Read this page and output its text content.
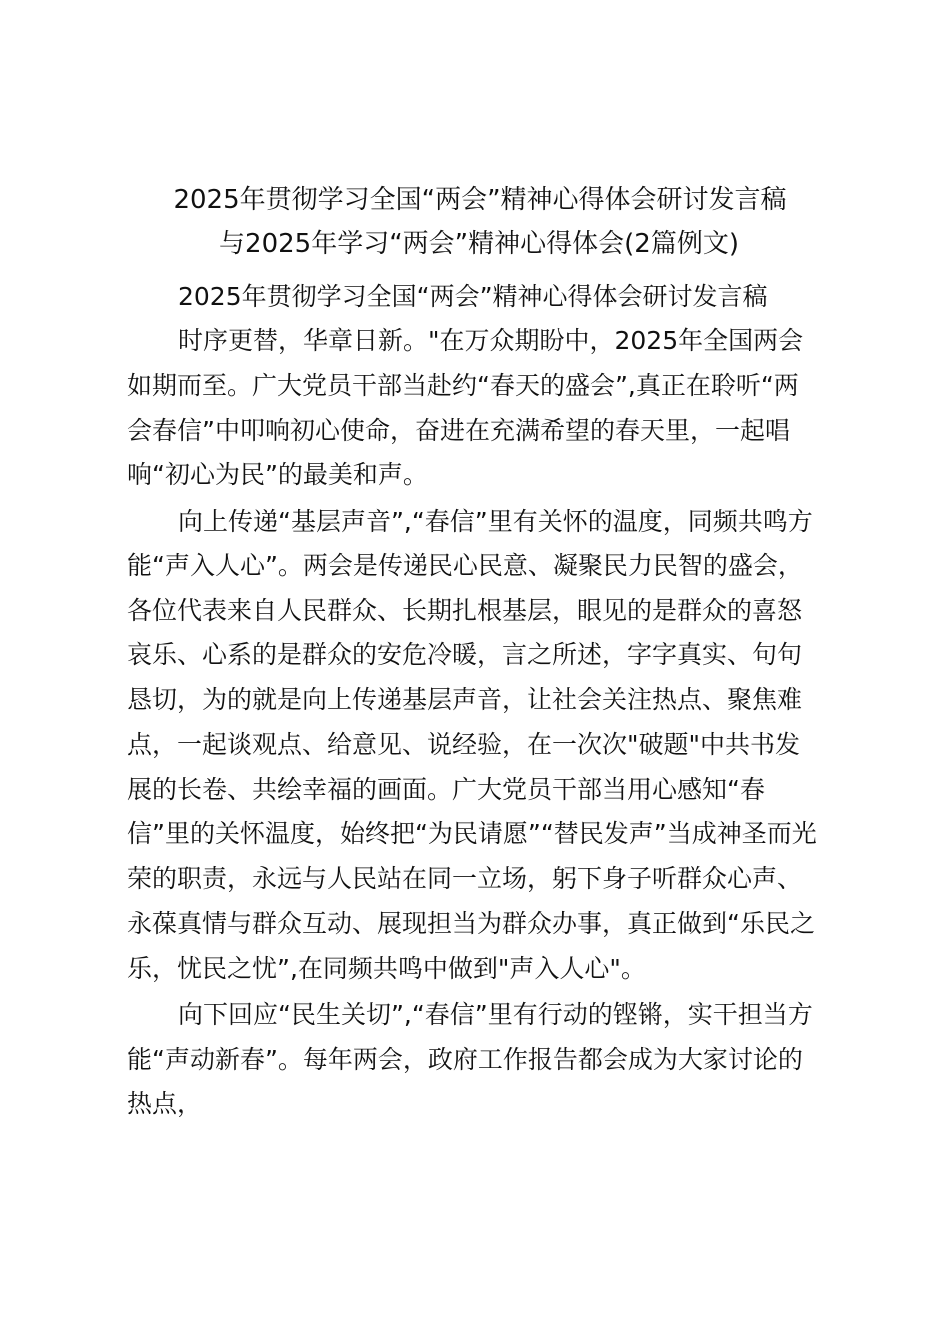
2025年贯彻学习全国“两会”精神心得体会研讨发言稿
与2025年学习“两会”精神心得体会(2篇例文)
2025年贯彻学习全国“两会”精神心得体会研讨发言稿
时序更替，华章日新。"在万众期盼中，2025年全国两会
如期而至。广大党员干部当赴约“春天的盛会”,真正在聆听“两
会春信”中叩响初心使命，奋进在充满希望的春天里，一起唱
响“初心为民”的最美和声。
向上传递“基层声音”,“春信”里有关怀的温度，同频共鸣方
能“声入人心”。两会是传递民心民意、凝聚民力民智的盛会，
各位代表来自人民群众、长期扎根基层，眼见的是群众的喜怒
哀乐、心系的是群众的安危冷暖，言之所述，字字真实、句句
恳切，为的就是向上传递基层声音，让社会关注热点、聚焦难
点，一起谈观点、给意见、说经验，在一次次"破题"中共书发
展的长卷、共绘幸福的画面。广大党员干部当用心感知“春
信”里的关怀温度，始终把“为民请愿”“替民发声”当成神圣而光
荣的职责，永远与人民站在同一立场，躬下身子听群众心声、
永葆真情与群众互动、展现担当为群众办事，真正做到“乐民之
乐，忧民之忧”,在同频共鸣中做到"声入人心"。
向下回应“民生关切”,“春信”里有行动的铿锵，实干担当方
能“声动新春”。每年两会，政府工作报告都会成为大家讨论的
热点，
